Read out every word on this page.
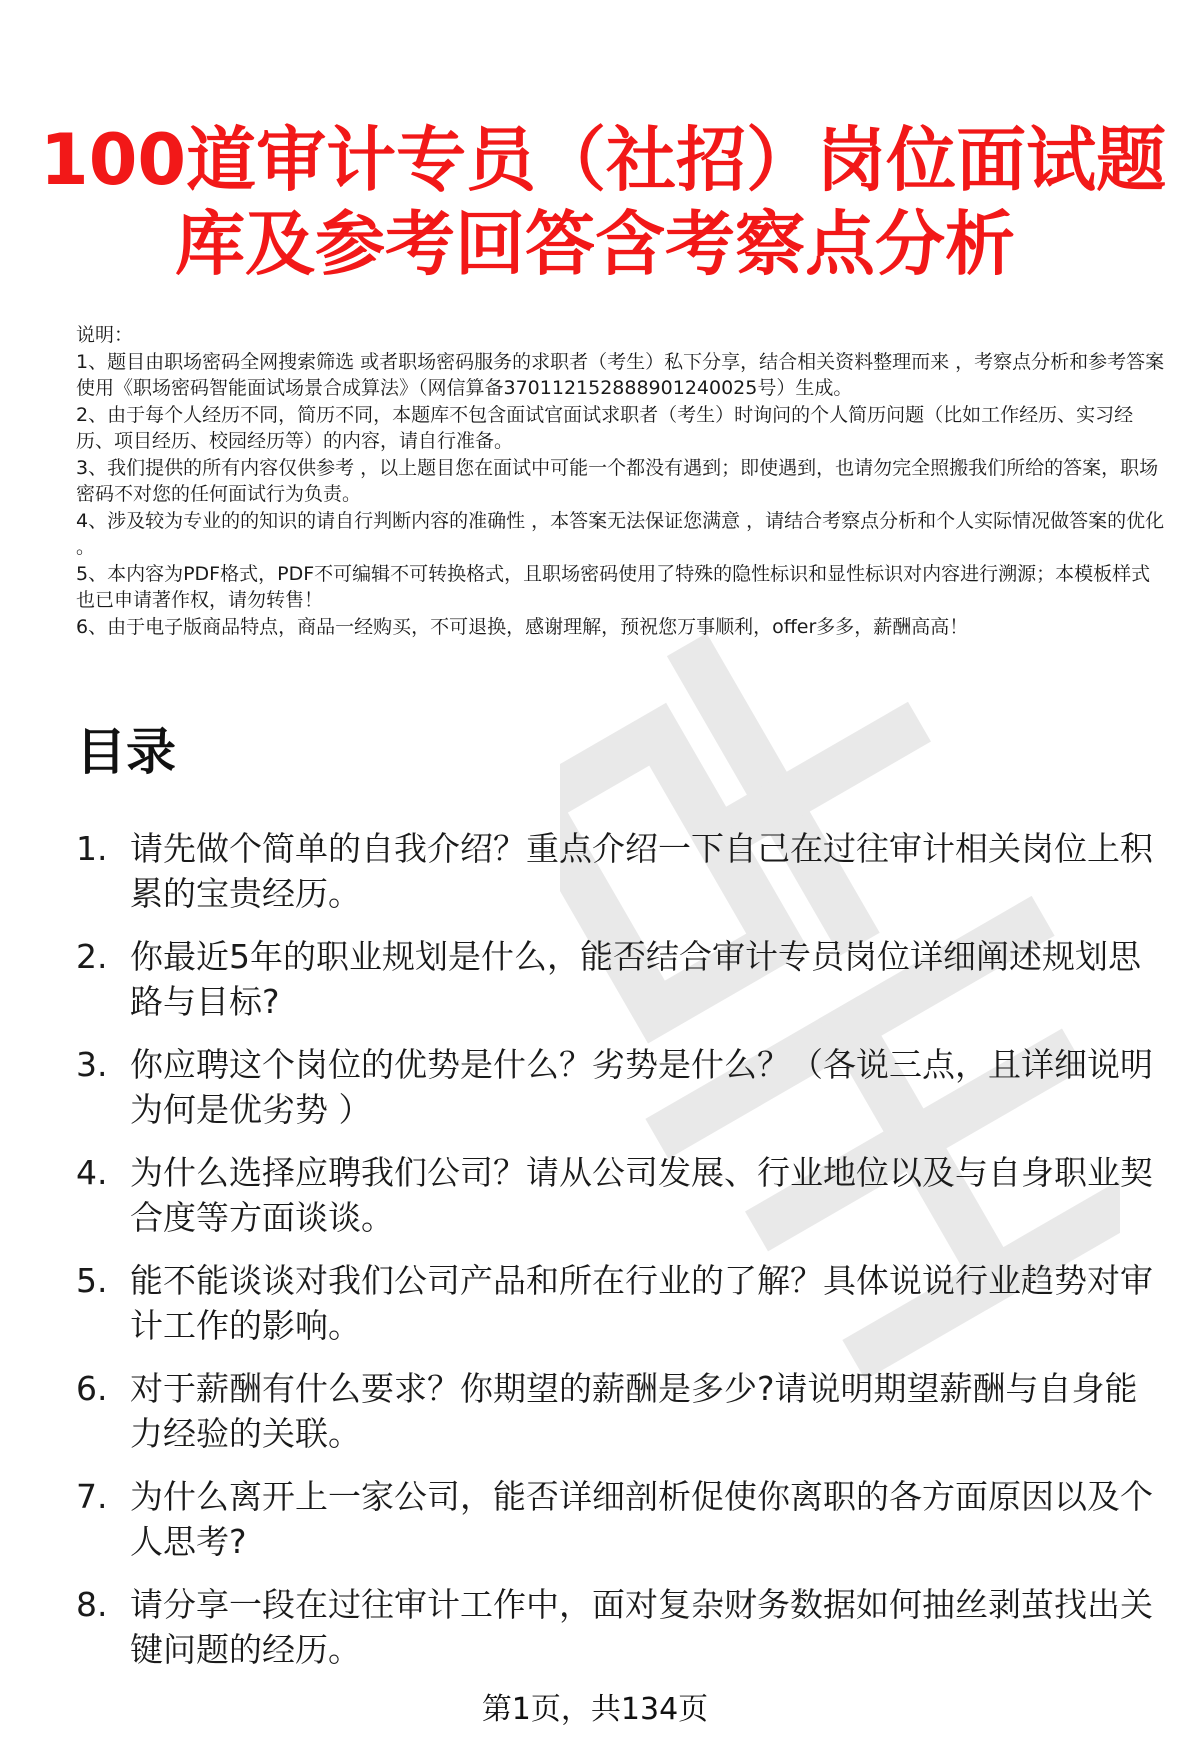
100道审计专员（社招）岗位面试题
库及参考回答含考察点分析
说明：
1、题目由职场密码全网搜索筛选 或者职场密码服务的求职者（考生）私下分享，结合相关资料整理而来 ，考察点分析和参考答案使用《职场密码智能面试场景合成算法》（网信算备370112152888901240025号）生成。
2、由于每个人经历不同，简历不同，本题库不包含面试官面试求职者（考生）时询问的个人简历问题（比如工作经历、实习经历、项目经历、校园经历等）的内容，请自行准备。
3、我们提供的所有内容仅供参考 ，以上题目您在面试中可能一个都没有遇到；即使遇到，也请勿完全照搬我们所给的答案，职场密码不对您的任何面试行为负责。
4、涉及较为专业的的知识的请自行判断内容的准确性 ，本答案无法保证您满意 ，请结合考察点分析和个人实际情况做答案的优化 。
5、本内容为PDF格式，PDF不可编辑不可转换格式，且职场密码使用了特殊的隐性标识和显性标识对内容进行溯源；本模板样式也已申请著作权，请勿转售！
6、由于电子版商品特点，商品一经购买，不可退换，感谢理解，预祝您万事顺利，offer多多，薪酬高高！
目录
1. 请先做个简单的自我介绍？重点介绍一下自己在过往审计相关岗位上积累的宝贵经历。
2. 你最近5年的职业规划是什么，能否结合审计专员岗位详细阐述规划思路与目标?
3. 你应聘这个岗位的优势是什么？劣势是什么？（各说三点，且详细说明为何是优劣势 ）
4. 为什么选择应聘我们公司？请从公司发展、行业地位以及与自身职业契合度等方面谈谈。
5. 能不能谈谈对我们公司产品和所在行业的了解？具体说说行业趋势对审计工作的影响。
6. 对于薪酬有什么要求？你期望的薪酬是多少?请说明期望薪酬与自身能力经验的关联。
7. 为什么离开上一家公司，能否详细剖析促使你离职的各方面原因以及个人思考?
8. 请分享一段在过往审计工作中，面对复杂财务数据如何抽丝剥茧找出关键问题的经历。
第1页，共134页
